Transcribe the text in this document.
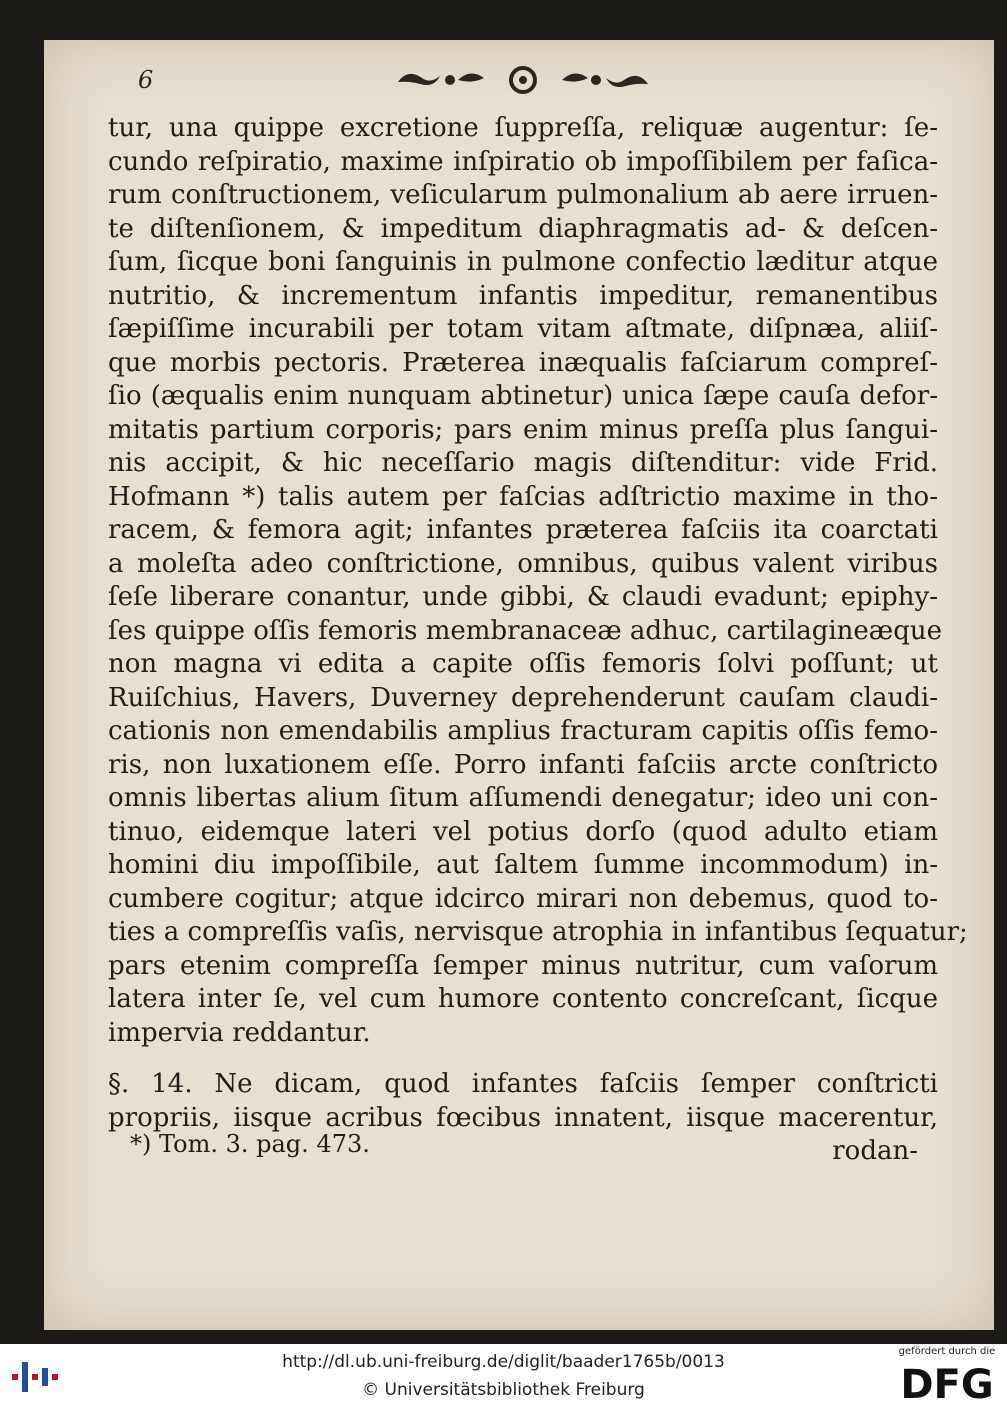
6
tur, una quippe excretione ſuppreſſa, reliquæ augentur: ſe-
cundo reſpiratio, maxime inſpiratio ob impoſſibilem per faſica-
rum conſtructionem, veſicularum pulmonalium ab aere irruen-
te diſtenſionem, & impeditum diaphragmatis ad- & deſcen-
ſum, ſicque boni ſanguinis in pulmone confectio læditur atque
nutritio, & incrementum infantis impeditur, remanentibus
ſæpiſſime incurabili per totam vitam aſtmate, diſpnæa, aliiſ-
que morbis pectoris. Præterea inæqualis faſciarum compreſ-
ſio (æqualis enim nunquam abtinetur) unica ſæpe cauſa defor-
mitatis partium corporis; pars enim minus preſſa plus ſangui-
nis accipit, & hic neceſſario magis diſtenditur: vide Frid.
Hofmann *) talis autem per faſcias adſtrictio maxime in tho-
racem, & femora agit; infantes præterea faſciis ita coarctati
a moleſta adeo conſtrictione, omnibus, quibus valent viribus
ſeſe liberare conantur, unde gibbi, & claudi evadunt; epiphy-
ſes quippe oſſis femoris membranaceæ adhuc, cartilagineæque
non magna vi edita a capite oſſis femoris ſolvi poſſunt; ut
Ruiſchius, Havers, Duverney deprehenderunt cauſam claudi-
cationis non emendabilis amplius fracturam capitis oſſis femo-
ris, non luxationem eſſe. Porro infanti faſciis arcte conſtricto
omnis libertas alium ſitum aſſumendi denegatur; ideo uni con-
tinuo, eidemque lateri vel potius dorſo (quod adulto etiam
homini diu impoſſibile, aut ſaltem ſumme incommodum) in-
cumbere cogitur; atque idcirco mirari non debemus, quod to-
ties a compreſſis vaſis, nervisque atrophia in infantibus ſequatur;
pars etenim compreſſa ſemper minus nutritur, cum vaſorum
latera inter ſe, vel cum humore contento concreſcant, ſicque
impervia reddantur.
§. 14. Ne dicam, quod infantes faſciis ſemper conſtricti
propriis, iisque acribus fœcibus innatent, iisque macerentur,
rodan-
*) Tom. 3. pag. 473.
http://dl.ub.uni-freiburg.de/diglit/baader1765b/0013
© Universitätsbibliothek Freiburg
gefördert durch die
DFG
